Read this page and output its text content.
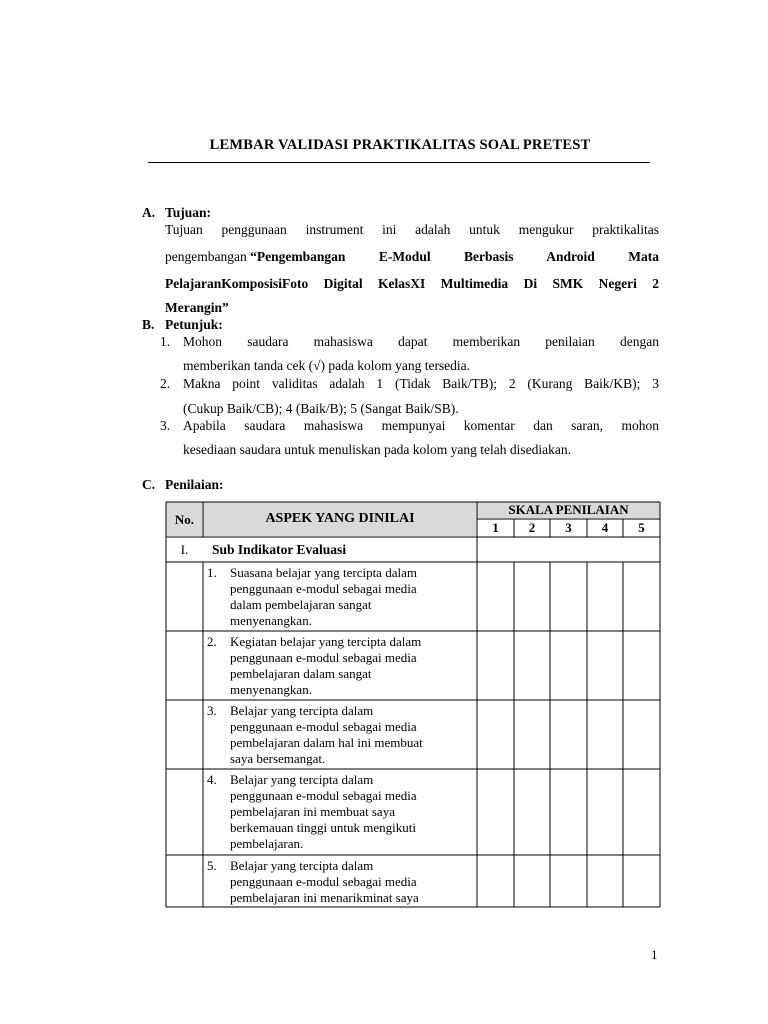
LEMBAR VALIDASI PRAKTIKALITAS SOAL PRETEST
A. Tujuan:
Tujuan penggunaan instrument ini adalah untuk mengukur praktikalitas
pengembangan “Pengembangan E-Modul Berbasis Android Mata
PelajaranKomposisiFoto Digital KelasXI Multimedia Di SMK Negeri 2
Merangin”
B. Petunjuk:
1. Mohon saudara mahasiswa dapat memberikan penilaian dengan
memberikan tanda cek (√) pada kolom yang tersedia.
2. Makna point validitas adalah 1 (Tidak Baik/TB); 2 (Kurang Baik/KB); 3
(Cukup Baik/CB); 4 (Baik/B); 5 (Sangat Baik/SB).
3. Apabila saudara mahasiswa mempunyai komentar dan saran, mohon
kesediaan saudara untuk menuliskan pada kolom yang telah disediakan.
C. Penilaian:
No.	ASPEK YANG DINILAI
SKALA PENILAIAN
1	2	3	4	5
I.	Sub Indikator Evaluasi
1. Suasana belajar yang tercipta dalam
penggunaan e-modul sebagai media
dalam pembelajaran sangat
menyenangkan.
2. Kegiatan belajar yang tercipta dalam
penggunaan e-modul sebagai media
pembelajaran dalam sangat
menyenangkan.
3. Belajar yang tercipta dalam
penggunaan e-modul sebagai media
pembelajaran dalam hal ini membuat
saya bersemangat.
4. Belajar yang tercipta dalam
penggunaan e-modul sebagai media
pembelajaran ini membuat saya
berkemauan tinggi untuk mengikuti
pembelajaran.
5. Belajar yang tercipta dalam
penggunaan e-modul sebagai media
pembelajaran ini menarikminat saya
1
